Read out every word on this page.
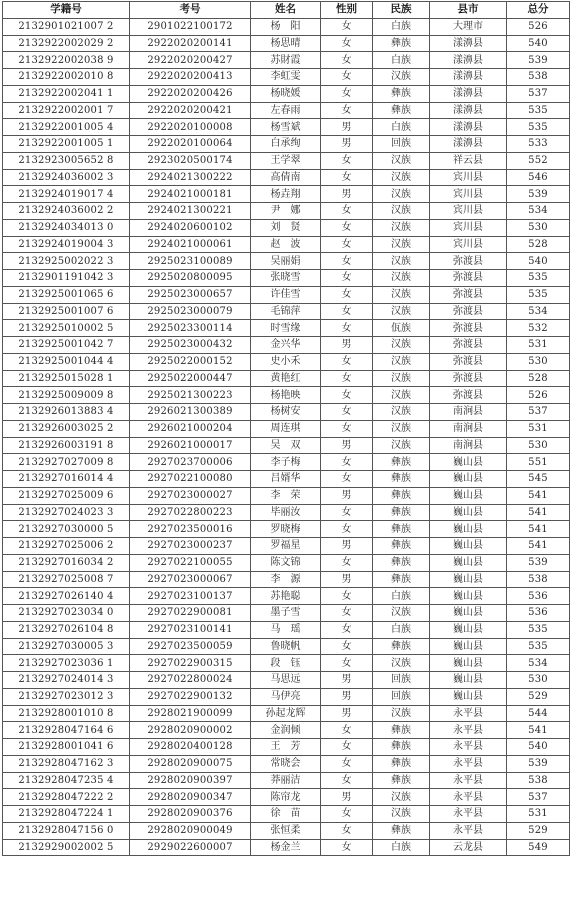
学籍号	考号	姓名	性别	民族	县市	总分
2132901021007 2	2901022100172	杨　阳	女	白族	大理市	526
2132922002029 2	2922020200141	杨思晴	女	彝族	漾濞县	540
2132922002038 9	2922020200427	苏財霞	女	白族	漾濞县	539
2132922002010 8	2922020200413	李虹雯	女	汉族	漾濞县	538
2132922002041 1	2922020200426	杨晓媛	女	彝族	漾濞县	537
2132922002001 7	2922020200421	左春雨	女	彝族	漾濞县	535
2132922001005 4	2922020100008	杨雪斌	男	白族	漾濞县	535
2132922001005 1	2922020100064	白承绚	男	回族	漾濞县	533
2132923005652 8	2923020500174	王学翠	女	汉族	祥云县	552
2132924036002 3	2924021300222	高倩南	女	汉族	宾川县	546
2132924019017 4	2924021000181	杨垚翔	男	汉族	宾川县	539
2132924036002 2	2924021300221	尹　娜	女	汉族	宾川县	534
2132924034013 0	2924020600102	刘　贤	女	汉族	宾川县	530
2132924019004 3	2924021000061	赵　波	女	汉族	宾川县	528
2132925002022 3	2925023100089	吴丽娟	女	汉族	弥渡县	540
2132901191042 3	2925020800095	张晓雪	女	汉族	弥渡县	535
2132925001065 6	2925023000657	许佳雪	女	汉族	弥渡县	535
2132925001007 6	2925023000079	毛锦萍	女	汉族	弥渡县	534
2132925010002 5	2925023300114	时雪缘	女	佤族	弥渡县	532
2132925001042 7	2925023000432	金兴华	男	汉族	弥渡县	531
2132925001044 4	2925022000152	史小禾	女	汉族	弥渡县	530
2132925015028 1	2925022000447	黄艳红	女	汉族	弥渡县	528
2132925009009 8	2925021300223	杨艳映	女	汉族	弥渡县	526
2132926013883 4	2926021300389	杨树安	女	汉族	南涧县	537
2132926003025 2	2926021000204	周连琪	女	汉族	南涧县	531
2132926003191 8	2926021000017	吴　双	男	汉族	南涧县	530
2132927027009 8	2927023700006	李子梅	女	彝族	巍山县	551
2132927016014 4	2927022100080	吕婿华	女	彝族	巍山县	545
2132927025009 6	2927023000027	李　荣	男	彝族	巍山县	541
2132927024023 3	2927022800223	毕丽汝	女	彝族	巍山县	541
2132927030000 5	2927023500016	罗晓梅	女	彝族	巍山县	541
2132927025006 2	2927023000237	罗福星	男	彝族	巍山县	541
2132927016034 2	2927022100055	陈文锦	女	彝族	巍山县	539
2132927025008 7	2927023000067	李　源	男	彝族	巍山县	538
2132927026140 4	2927023100137	苏艳聪	女	白族	巍山县	536
2132927023034 0	2927022900081	墨子雪	女	汉族	巍山县	536
2132927026104 8	2927023100141	马　瑶	女	白族	巍山县	535
2132927030005 3	2927023500059	鲁晓帆	女	彝族	巍山县	535
2132927023036 1	2927022900315	段　钰	女	汉族	巍山县	534
2132927024014 3	2927022800024	马思远	男	回族	巍山县	530
2132927023012 3	2927022900132	马伊亮	男	回族	巍山县	529
2132928001010 8	2928021900099	孙起龙辉	男	汉族	永平县	544
2132928047164 6	2928020900002	金润倾	女	彝族	永平县	541
2132928001041 6	2928020400128	王　芳	女	彝族	永平县	540
2132928047162 3	2928020900075	常晓会	女	彝族	永平县	539
2132928047235 4	2928020900397	莽丽洁	女	彝族	永平县	538
2132928047222 2	2928020900347	陈帘龙	男	汉族	永平县	537
2132928047224 1	2928020900376	徐　苗	女	汉族	永平县	531
2132928047156 0	2928020900049	张恒柔	女	彝族	永平县	529
2132929002002 5	2929022600007	杨金兰	女	白族	云龙县	549
